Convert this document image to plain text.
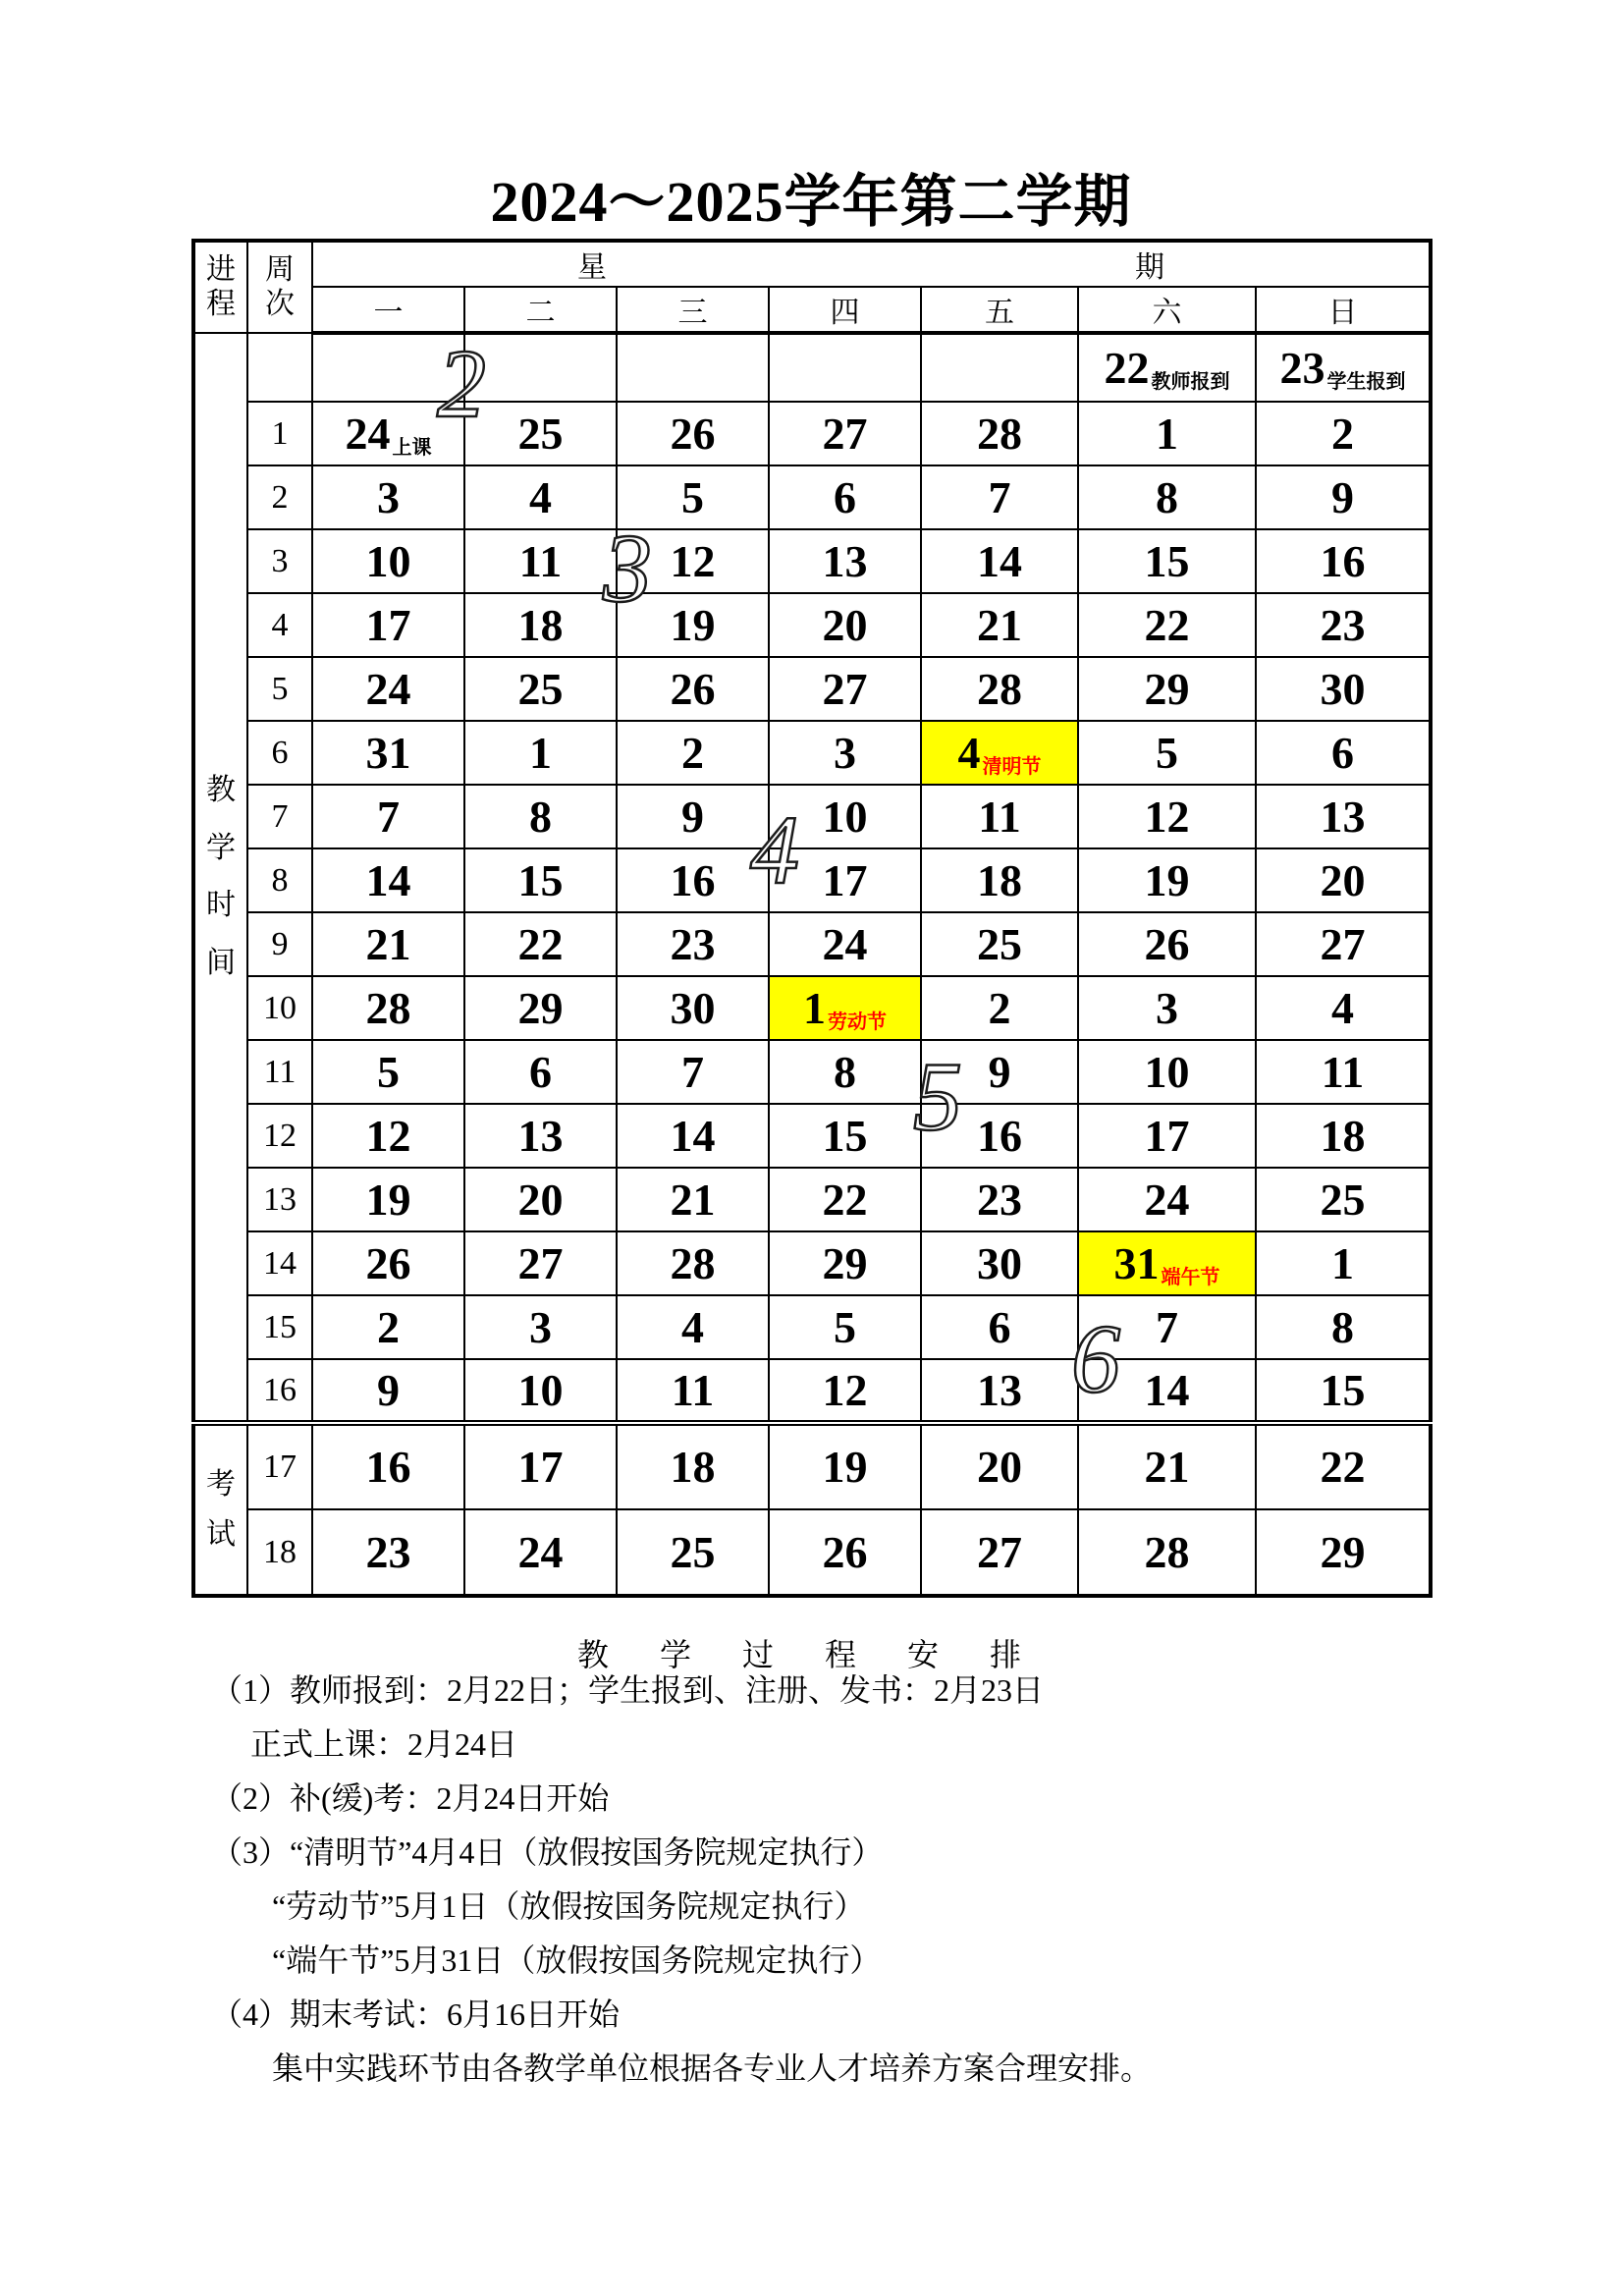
2024～2025学年第二学期
进
程	周
次	星 期						

		一	二	三	四	五	六	日

教
学
时
间							22 教师报到	23 学生报到

	1	24 上课	25	26	27	28	1	2

	2	3	4	5	6	7	8	9

	3	10	11	12	13	14	15	16

	4	17	18	19	20	21	22	23

	5	24	25	26	27	28	29	30

	6	31	1	2	3	4 清明节	5	6

	7	7	8	9	10	11	12	13

	8	14	15	16	17	18	19	20

	9	21	22	23	24	25	26	27

	10	28	29	30	1 劳动节	2	3	4

	11	5	6	7	8	9	10	11

	12	12	13	14	15	16	17	18

	13	19	20	21	22	23	24	25

	14	26	27	28	29	30	31 端午节	1

	15	2	3	4	5	6	7	8

	16	9	10	11	12	13	14	15

考
试	17	16	17	18	19	20	21	22

	18	23	24	25	26	27	28	29
2
3
4
5
6
教 学 过 程 安 排
（1）教师报到：2月22日；学生报到、注册、发书：2月23日
正式上课：2月24日
（2）补(缓)考：2月24日开始
（3）“清明节”4月4日（放假按国务院规定执行）
“劳动节”5月1日（放假按国务院规定执行）
“端午节”5月31日（放假按国务院规定执行）
（4）期末考试：6月16日开始
集中实践环节由各教学单位根据各专业人才培养方案合理安排。
